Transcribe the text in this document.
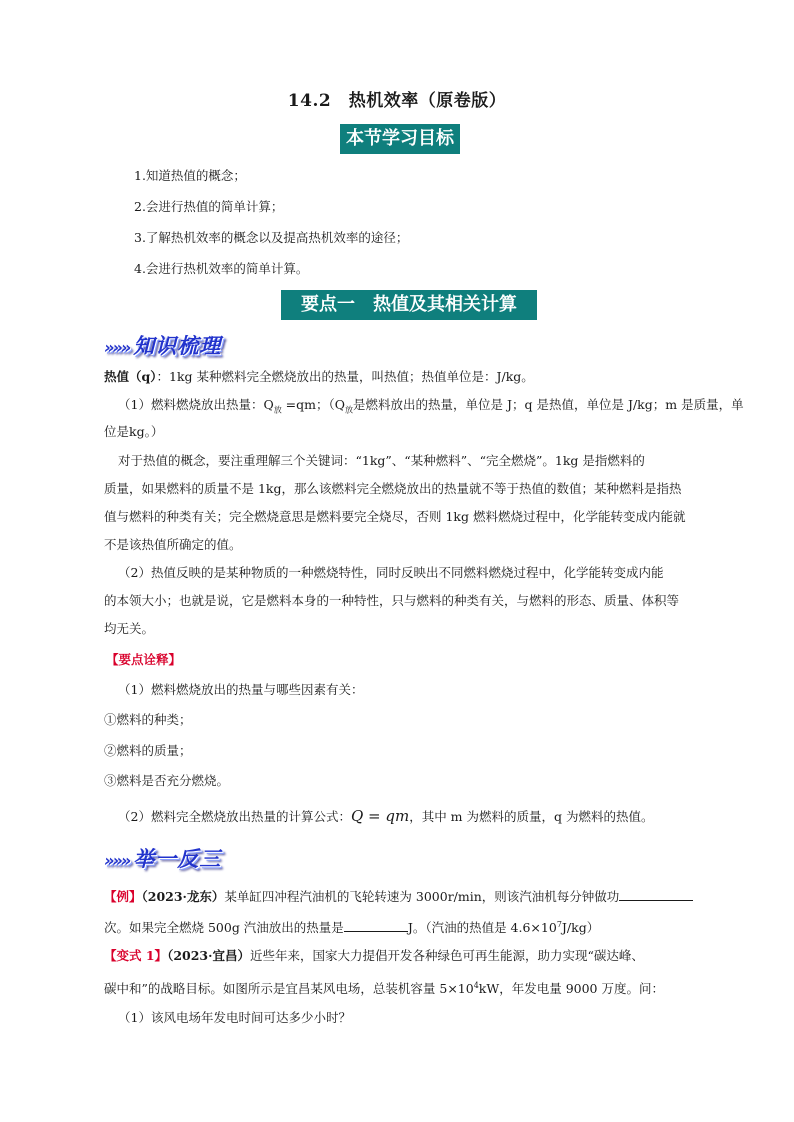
14.2　热机效率（原卷版）
本节学习目标
1.知道热值的概念；
2.会进行热值的简单计算；
3.了解热机效率的概念以及提高热机效率的途径；
4.会进行热机效率的简单计算。
要点一　热值及其相关计算
»»» 知识梳理
热值（q）：1kg 某种燃料完全燃烧放出的热量，叫热值；热值单位是：J/kg。
（1）燃料燃烧放出热量：$Q_放 =qm$；（$Q_放$是燃料放出的热量，单位是 J；q 是热值，单位是 J/kg；m 是质量，单
位是kg。）
对于热值的概念，要注重理解三个关键词：“1kg”、“某种燃料”、“完全燃烧”。1kg 是指燃料的
质量，如果燃料的质量不是 1kg，那么该燃料完全燃烧放出的热量就不等于热值的数值；某种燃料是指热
值与燃料的种类有关；完全燃烧意思是燃料要完全烧尽，否则 1kg 燃料燃烧过程中，化学能转变成内能就
不是该热值所确定的值。
（2）热值反映的是某种物质的一种燃烧特性，同时反映出不同燃料燃烧过程中，化学能转变成内能
的本领大小；也就是说，它是燃料本身的一种特性，只与燃料的种类有关，与燃料的形态、质量、体积等
均无关。
【要点诠释】
（1）燃料燃烧放出的热量与哪些因素有关：
①燃料的种类；
②燃料的质量；
③燃料是否充分燃烧。
（2）燃料完全燃烧放出热量的计算公式：Q = qm，其中 m 为燃料的质量，q 为燃料的热值。
»»» 举一反三
【例】（2023·龙东）某单缸四冲程汽油机的飞轮转速为 3000r/min，则该汽油机每分钟做功
次。如果完全燃烧 500g 汽油放出的热量是	J。（汽油的热值是 $4.6\times 10^7J/kg$）
【变式 1】（2023·宜昌）近些年来，国家大力提倡开发各种绿色可再生能源，助力实现“碳达峰、
碳中和”的战略目标。如图所示是宜昌某风电场，总装机容量 $5\times 10^4kW$，年发电量 9000 万度。问：
（1）该风电场年发电时间可达多少小时？
